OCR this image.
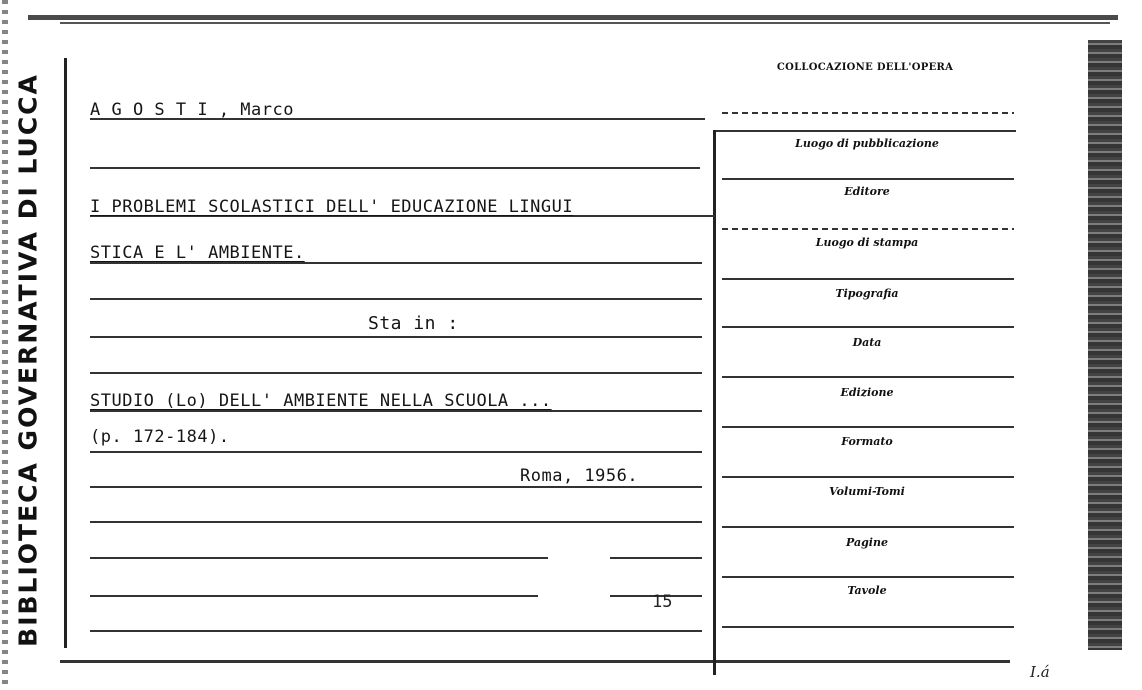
BIBLIOTECA GOVERNATIVA DI LUCCA	A G O S T I , Marco
I PROBLEMI SCOLASTICI DELL' EDUCAZIONE LINGUI
STICA E L' AMBIENTE.
Sta in :
STUDIO (Lo) DELL' AMBIENTE NELLA SCUOLA ...
(p. 172-184).
Roma, 1956.
15
COLLOCAZIONE DELL'OPERA
Luogo di pubblicazione
Editore
Luogo di stampa
Tipografia
Data
Edizione
Formato
Volumi-Tomi
Pagine
Tavole
I.á
